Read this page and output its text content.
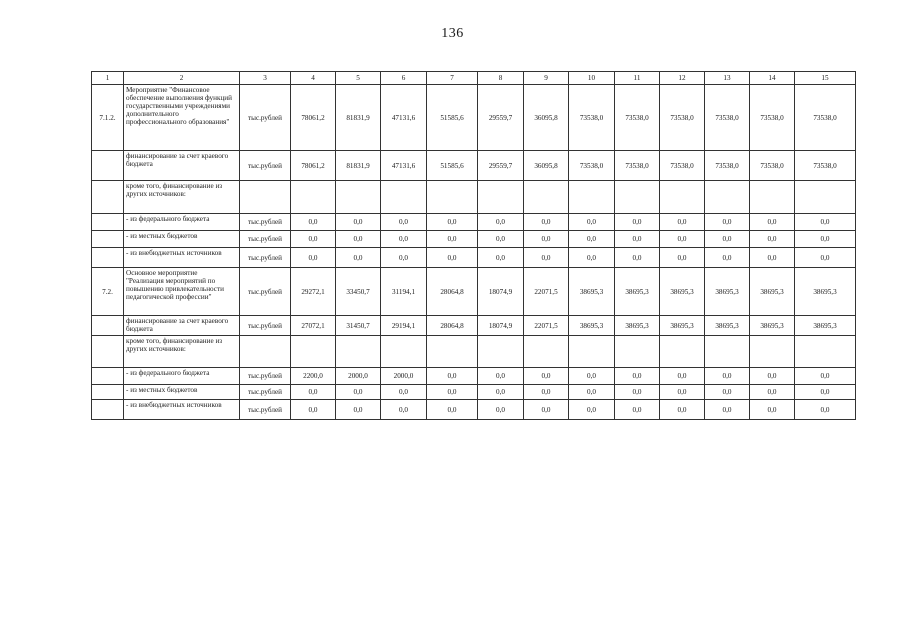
136
1	2	3	4	5	6	7	8	9	10	11	12	13	14	15
7.1.2.	Мероприятие "Финансовое обеспечение выполнения функций государственными учреждениями дополнительного профессионального образования"	тыс.рублей	78061,2	81831,9	47131,6	51585,6	29559,7	36095,8	73538,0	73538,0	73538,0	73538,0	73538,0	73538,0
	финансирование за счет краевого бюджета	тыс.рублей	78061,2	81831,9	47131,6	51585,6	29559,7	36095,8	73538,0	73538,0	73538,0	73538,0	73538,0	73538,0
	кроме того, финансирование из других источников:													
	- из федерального бюджета	тыс.рублей	0,0	0,0	0,0	0,0	0,0	0,0	0,0	0,0	0,0	0,0	0,0	0,0
	- из местных бюджетов	тыс.рублей	0,0	0,0	0,0	0,0	0,0	0,0	0,0	0,0	0,0	0,0	0,0	0,0
	- из внебюджетных источников	тыс.рублей	0,0	0,0	0,0	0,0	0,0	0,0	0,0	0,0	0,0	0,0	0,0	0,0
7.2.	Основное мероприятие "Реализация мероприятий по повышению привлекательности педагогической профессии"	тыс.рублей	29272,1	33450,7	31194,1	28064,8	18074,9	22071,5	38695,3	38695,3	38695,3	38695,3	38695,3	38695,3
	финансирование за счет краевого бюджета	тыс.рублей	27072,1	31450,7	29194,1	28064,8	18074,9	22071,5	38695,3	38695,3	38695,3	38695,3	38695,3	38695,3
	кроме того, финансирование из других источников:													
	- из федерального бюджета	тыс.рублей	2200,0	2000,0	2000,0	0,0	0,0	0,0	0,0	0,0	0,0	0,0	0,0	0,0
	- из местных бюджетов	тыс.рублей	0,0	0,0	0,0	0,0	0,0	0,0	0,0	0,0	0,0	0,0	0,0	0,0
	- из внебюджетных источников	тыс.рублей	0,0	0,0	0,0	0,0	0,0	0,0	0,0	0,0	0,0	0,0	0,0	0,0
